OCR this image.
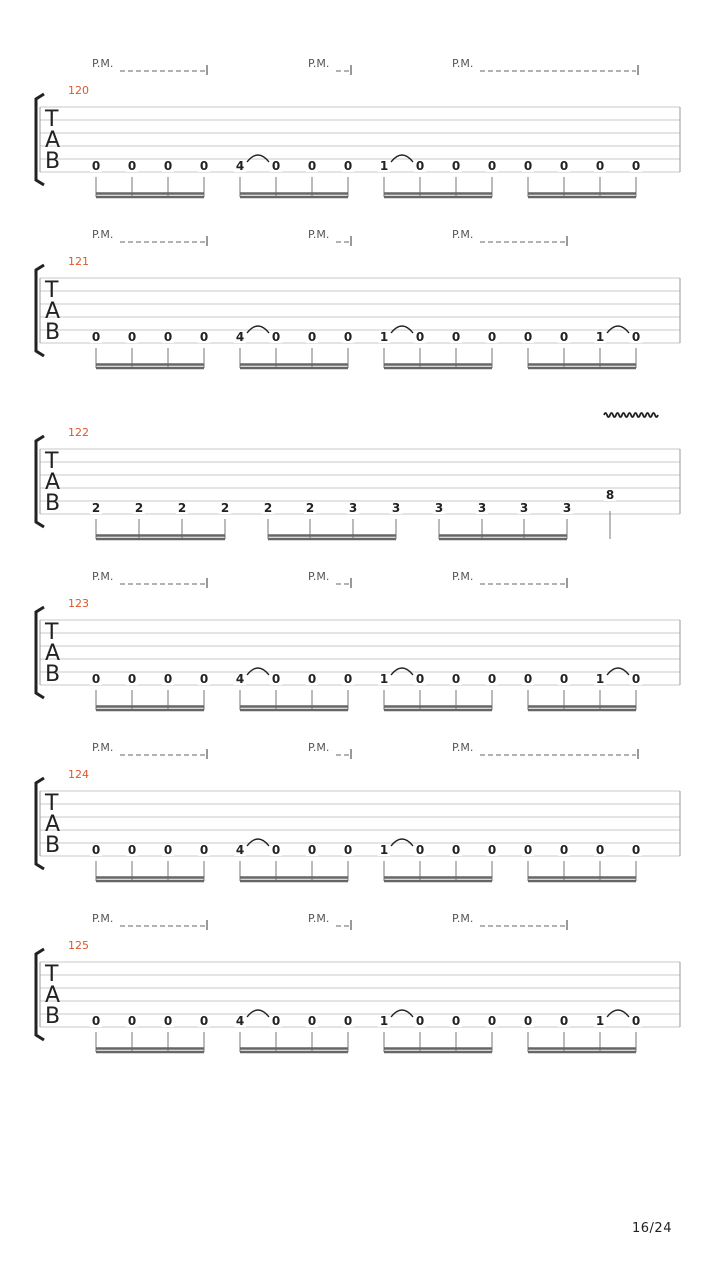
P.M.	P.M.	P.M.
120
T
A
B	0 0 0 0 4 0 0 0 1 0 0 0 0 0 0 0
P.M.	P.M.	P.M.
121
T
A
B	0 0 0 0 4 0 0 0 1 0 0 0 0 0 1 0
122
T
A
B	2	2	2	2	2	2	3	3	3	3	3	3
8
P.M.	P.M.	P.M.
123
T
A
B	0 0 0 0 4 0 0 0 1 0 0 0 0 0 1 0
P.M.	P.M.	P.M.
124
T
A
B	0 0 0 0 4 0 0 0 1 0 0 0 0 0 0 0
P.M.	P.M.	P.M.
125
T
A
B	0 0 0 0 4 0 0 0 1 0 0 0 0 0 1 0
16/24
